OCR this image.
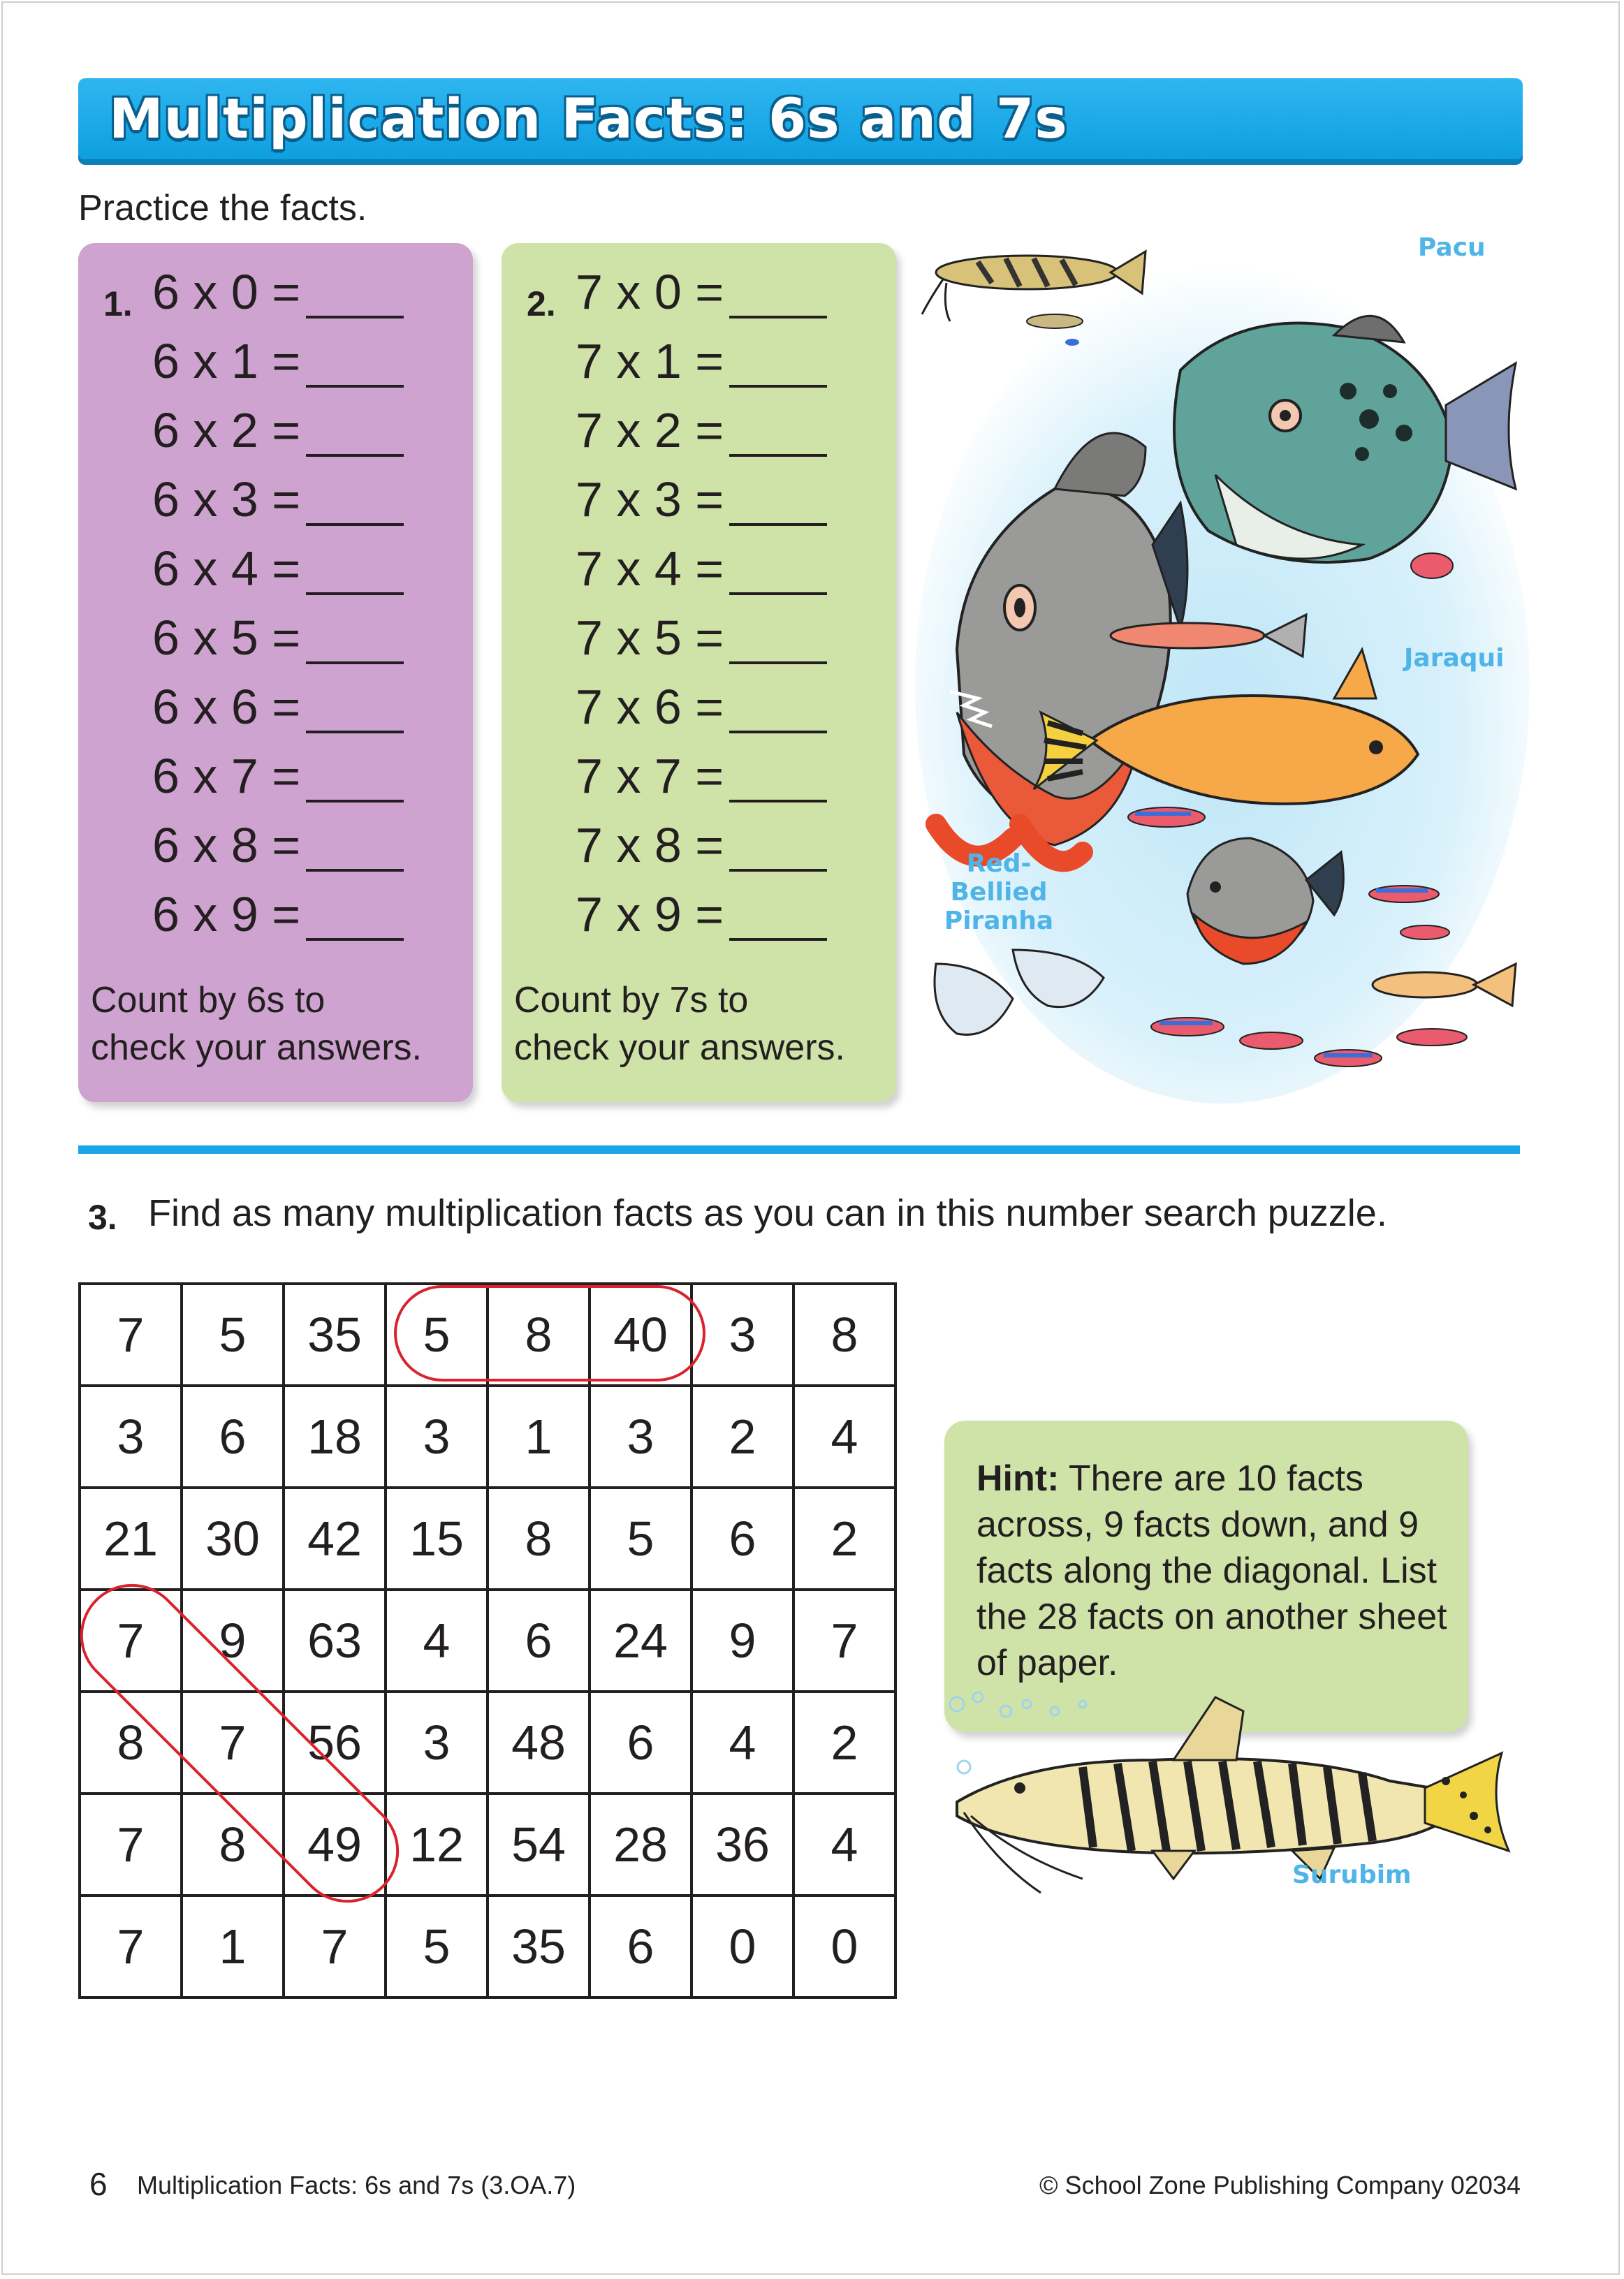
Multiplication Facts: 6s and 7s
Practice the facts.
1. 6 x 0 =
6 x 1 =
6 x 2 =
6 x 3 =
6 x 4 =
6 x 5 =
6 x 6 =
6 x 7 =
6 x 8 =
6 x 9 =
Count by 6s to
check your answers.
2. 7 x 0 =
7 x 1 =
7 x 2 =
7 x 3 =
7 x 4 =
7 x 5 =
7 x 6 =
7 x 7 =
7 x 8 =
7 x 9 =
Count by 7s to
check your answers.
Pacu
Jaraqui
Red-Bellied
Piranha
3. Find as many multiplication facts as you can in this number search puzzle.
7	5	35	5	8	40	3	8
3	6	18	3	1	3	2	4
21	30	42	15	8	5	6	2
7	9	63	4	6	24	9	7
8	7	56	3	48	6	4	2
7	8	49	12	54	28	36	4
7	1	7	5	35	6	0	0
Hint: There are 10 facts across, 9 facts down, and 9 facts along the diagonal. List the 28 facts on another sheet of paper.
Surubim
6 Multiplication Facts: 6s and 7s (3.OA.7)	© School Zone Publishing Company 02034
